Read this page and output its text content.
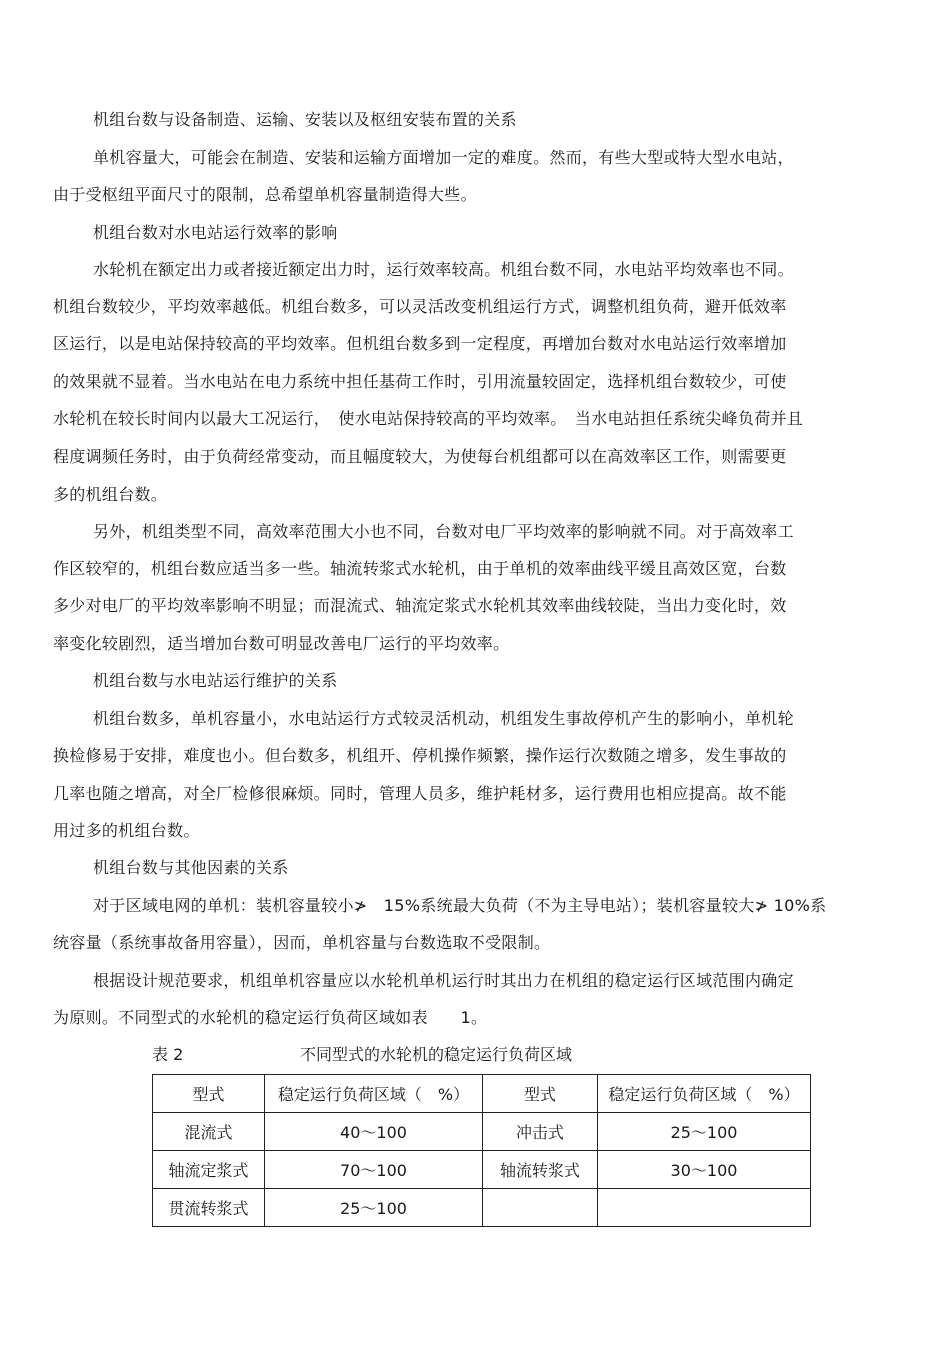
机组台数与设备制造、运输、安装以及枢纽安装布置的关系
单机容量大，可能会在制造、安装和运输方面增加一定的难度。然而，有些大型或特大型水电站，
由于受枢纽平面尺寸的限制，总希望单机容量制造得大些。
机组台数对水电站运行效率的影响
水轮机在额定出力或者接近额定出力时，运行效率较高。机组台数不同，水电站平均效率也不同。
机组台数较少，平均效率越低。机组台数多，可以灵活改变机组运行方式，调整机组负荷，避开低效率
区运行，以是电站保持较高的平均效率。但机组台数多到一定程度，再增加台数对水电站运行效率增加
的效果就不显着。当水电站在电力系统中担任基荷工作时，引用流量较固定，选择机组台数较少，可使
水轮机在较长时间内以最大工况运行，　使水电站保持较高的平均效率。　当水电站担任系统尖峰负荷并且
程度调频任务时，由于负荷经常变动，而且幅度较大，为使每台机组都可以在高效率区工作，则需要更
多的机组台数。
另外，机组类型不同，高效率范围大小也不同，台数对电厂平均效率的影响就不同。对于高效率工
作区较窄的，机组台数应适当多一些。轴流转浆式水轮机，由于单机的效率曲线平缓且高效区宽，台数
多少对电厂的平均效率影响不明显；而混流式、轴流定浆式水轮机其效率曲线较陡，当出力变化时，效
率变化较剧烈，适当增加台数可明显改善电厂运行的平均效率。
机组台数与水电站运行维护的关系
机组台数多，单机容量小，水电站运行方式较灵活机动，机组发生事故停机产生的影响小，单机轮
换检修易于安排，难度也小。但台数多，机组开、停机操作频繁，操作运行次数随之增多，发生事故的
几率也随之增高，对全厂检修很麻烦。同时，管理人员多，维护耗材多，运行费用也相应提高。故不能
用过多的机组台数。
机组台数与其他因素的关系
对于区域电网的单机：装机容量较小≯　15%系统最大负荷（不为主导电站）；装机容量较大≯ 10%系
统容量（系统事故备用容量），因而，单机容量与台数选取不受限制。
根据设计规范要求，机组单机容量应以水轮机单机运行时其出力在机组的稳定运行区域范围内确定
为原则。不同型式的水轮机的稳定运行负荷区域如表　　1。
表 2	不同型式的水轮机的稳定运行负荷区域
型式	稳定运行负荷区域（　%）	型式	稳定运行负荷区域（　%）
混流式	40～100	冲击式	25～100
轴流定浆式	70～100	轴流转浆式	30～100
贯流转浆式	25～100		
